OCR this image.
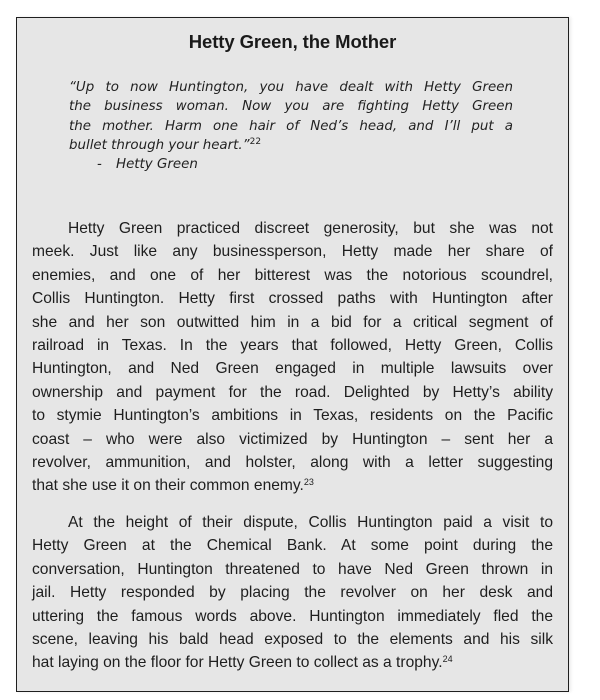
Hetty Green, the Mother
“Up to now Huntington, you have dealt with Hetty Green
the business woman. Now you are fighting Hetty Green
the mother. Harm one hair of Ned’s head, and I’ll put a
bullet through your heart.”$^{22}$
- Hetty Green
Hetty Green practiced discreet generosity, but she was not
meek. Just like any businessperson, Hetty made her share of
enemies, and one of her bitterest was the notorious scoundrel,
Collis Huntington. Hetty first crossed paths with Huntington after
she and her son outwitted him in a bid for a critical segment of
railroad in Texas. In the years that followed, Hetty Green, Collis
Huntington, and Ned Green engaged in multiple lawsuits over
ownership and payment for the road. Delighted by Hetty’s ability
to stymie Huntington’s ambitions in Texas, residents on the Pacific
coast – who were also victimized by Huntington – sent her a
revolver, ammunition, and holster, along with a letter suggesting
that she use it on their common enemy.$^{23}$
At the height of their dispute, Collis Huntington paid a visit to
Hetty Green at the Chemical Bank. At some point during the
conversation, Huntington threatened to have Ned Green thrown in
jail. Hetty responded by placing the revolver on her desk and
uttering the famous words above. Huntington immediately fled the
scene, leaving his bald head exposed to the elements and his silk
hat laying on the floor for Hetty Green to collect as a trophy.$^{24}$
